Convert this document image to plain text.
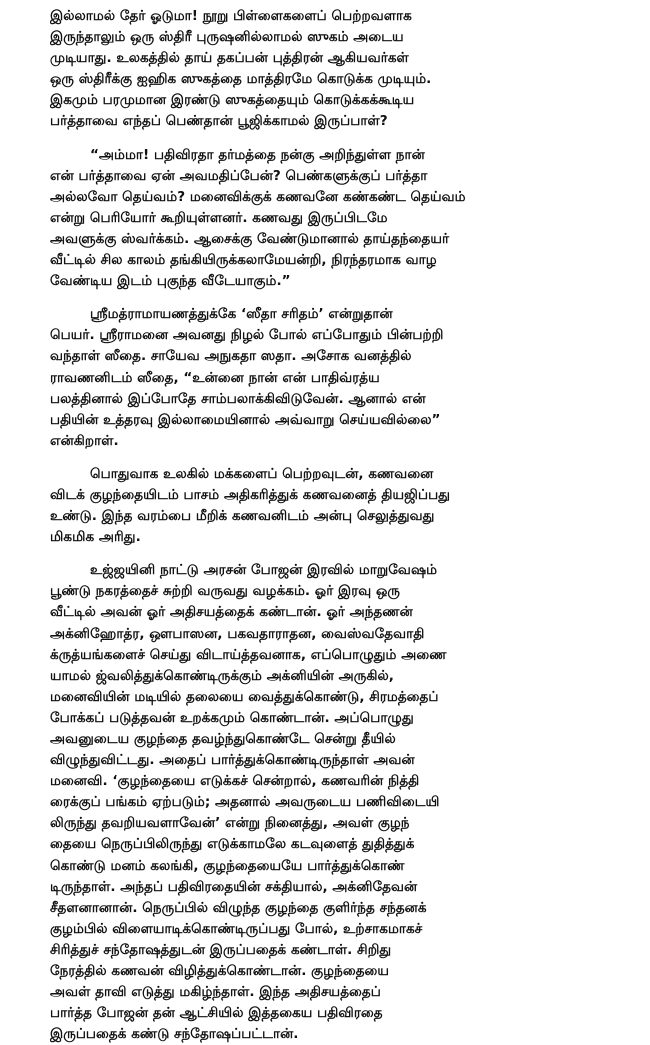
இல்லாமல் தேர் ஓடுமா! நூறு பிள்ளைகளைப் பெற்றவளாக
இருந்தாலும் ஒரு ஸ்திரீ புருஷனில்லாமல் ஸுகம் அடைய
முடியாது. உலகத்தில் தாய் தகப்பன் புத்திரன் ஆகியவர்கள்
ஒரு ஸ்திரீக்கு ஐஹிக ஸுகத்தை மாத்திரமே கொடுக்க முடியும்.
இகமும் பரமுமான இரண்டு ஸுகத்தையும் கொடுக்கக்கூடிய
பர்த்தாவை எந்தப் பெண்தான் பூஜிக்காமல் இருப்பாள்?
“அம்மா! பதிவிரதா தர்மத்தை நன்கு அறிந்துள்ள நான்
என் பர்த்தாவை ஏன் அவமதிப்பேன்? பெண்களுக்குப் பர்த்தா
அல்லவோ தெய்வம்? மனைவிக்குக் கணவனே கண்கண்ட தெய்வம்
என்று பெரியோர் கூறியுள்ளனர். கணவது இருப்பிடமே
அவளுக்கு ஸ்வர்க்கம். ஆசைக்கு வேண்டுமானால் தாய்தந்தையர்
வீட்டில் சில காலம் தங்கியிருக்கலாமேயன்றி, நிரந்தரமாக வாழ
வேண்டிய இடம் புகுந்த வீடேயாகும்.”
ஸ்ரீமத்ராமாயணத்துக்கே ‘ஸீதா சரிதம்’ என்றுதான்
பெயர். ஸ்ரீராமனை அவனது நிழல் போல் எப்போதும் பின்பற்றி
வந்தாள் ஸீதை. சாயேவ அநுகதா ஸதா. அசோக வனத்தில்
ராவணனிடம் ஸீதை, “உன்னை நான் என் பாதிவ்ரத்ய
பலத்தினால் இப்போதே சாம்பலாக்கிவிடுவேன். ஆனால் என்
பதியின் உத்தரவு இல்லாமையினால் அவ்வாறு செய்யவில்லை”
என்கிறாள்.
பொதுவாக உலகில் மக்களைப் பெற்றவுடன், கணவனை
விடக் குழந்தையிடம் பாசம் அதிகரித்துக் கணவனைத் தியஜிப்பது
உண்டு. இந்த வரம்பை மீறிக் கணவனிடம் அன்பு செலுத்துவது
மிகமிக அரிது.
உஜ்ஜயினி நாட்டு அரசன் போஜன் இரவில் மாறுவேஷம்
பூண்டு நகரத்தைச் சுற்றி வருவது வழக்கம். ஓர் இரவு ஒரு
வீட்டில் அவன் ஓர் அதிசயத்தைக் கண்டான். ஓர் அந்தணன்
அக்னிஹோத்ர, ஔபாஸன, பகவதாராதன, வைஸ்வதேவாதி
க்ருத்யங்களைச் செய்து விடாய்த்தவனாக, எப்பொழுதும் அணை
யாமல் ஜ்வலித்துக்கொண்டிருக்கும் அக்னியின் அருகில்,
மனைவியின் மடியில் தலையை வைத்துக்கொண்டு, சிரமத்தைப்
போக்கப் படுத்தவன் உறக்கமும் கொண்டான். அப்பொழுது
அவனுடைய குழந்தை தவழ்ந்துகொண்டே சென்று தீயில்
விழுந்துவிட்டது. அதைப் பார்த்துக்கொண்டிருந்தாள் அவன்
மனைவி. ‘குழந்தையை எடுக்கச் சென்றால், கணவரின் நித்தி
ரைக்குப் பங்கம் ஏற்படும்; அதனால் அவருடைய பணிவிடையி
லிருந்து தவறியவளாவேன்’ என்று நினைத்து, அவள் குழந்
தையை நெருப்பிலிருந்து எடுக்காமலே கடவுளைத் துதித்துக்
கொண்டு மனம் கலங்கி, குழந்தையையே பார்த்துக்கொண்
டிருந்தாள். அந்தப் பதிவிரதையின் சக்தியால், அக்னிதேவன்
சீதளனானான். நெருப்பில் விழுந்த குழந்தை குளிர்ந்த சந்தனக்
குழம்பில் விளையாடிக்கொண்டிருப்பது போல், உற்சாகமாகச்
சிரித்துச் சந்தோஷத்துடன் இருப்பதைக் கண்டாள். சிறிது
நேரத்தில் கணவன் விழித்துக்கொண்டான். குழந்தையை
அவள் தாவி எடுத்து மகிழ்ந்தாள். இந்த அதிசயத்தைப்
பார்த்த போஜன் தன் ஆட்சியில் இத்தகைய பதிவிரதை
இருப்பதைக் கண்டு சந்தோஷப்பட்டான்.
